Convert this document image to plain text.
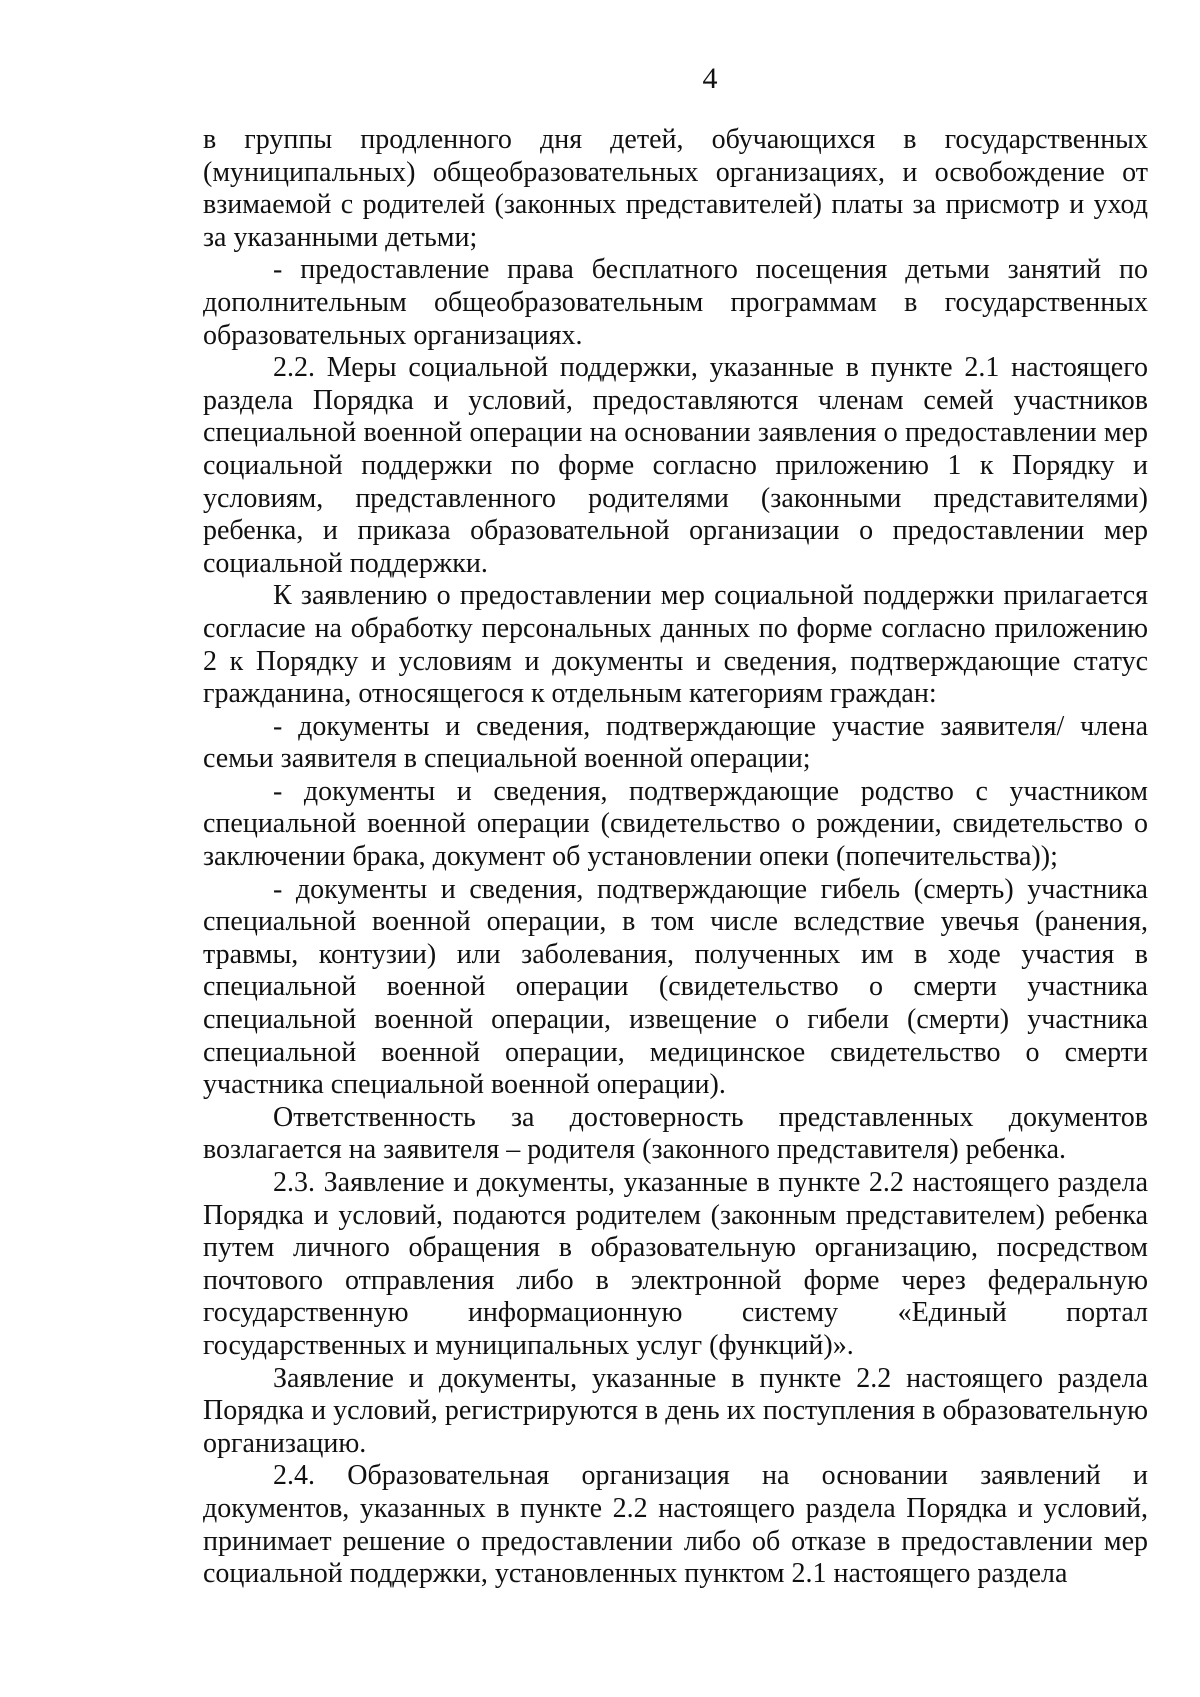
4

в группы продленного дня детей, обучающихся в государственных (муниципальных) общеобразовательных организациях, и освобождение от взимаемой с родителей (законных представителей) платы за присмотр и уход за указанными детьми;

- предоставление права бесплатного посещения детьми занятий по дополнительным общеобразовательным программам в государственных образовательных организациях.

2.2. Меры социальной поддержки, указанные в пункте 2.1 настоящего раздела Порядка и условий, предоставляются членам семей участников специальной военной операции на основании заявления о предоставлении мер социальной поддержки по форме согласно приложению 1 к Порядку и условиям, представленного родителями (законными представителями) ребенка, и приказа образовательной организации о предоставлении мер социальной поддержки.

К заявлению о предоставлении мер социальной поддержки прилагается согласие на обработку персональных данных по форме согласно приложению 2 к Порядку и условиям и документы и сведения, подтверждающие статус гражданина, относящегося к отдельным категориям граждан:

- документы и сведения, подтверждающие участие заявителя/ члена семьи заявителя в специальной военной операции;

- документы и сведения, подтверждающие родство с участником специальной военной операции (свидетельство о рождении, свидетельство о заключении брака, документ об установлении опеки (попечительства));

- документы и сведения, подтверждающие гибель (смерть) участника специальной военной операции, в том числе вследствие увечья (ранения, травмы, контузии) или заболевания, полученных им в ходе участия в специальной военной операции (свидетельство о смерти участника специальной военной операции, извещение о гибели (смерти) участника специальной военной операции, медицинское свидетельство о смерти участника специальной военной операции).

Ответственность за достоверность представленных документов возлагается на заявителя – родителя (законного представителя) ребенка.

2.3. Заявление и документы, указанные в пункте 2.2 настоящего раздела Порядка и условий, подаются родителем (законным представителем) ребенка путем личного обращения в образовательную организацию, посредством почтового отправления либо в электронной форме через федеральную государственную информационную систему «Единый портал государственных и муниципальных услуг (функций)».

Заявление и документы, указанные в пункте 2.2 настоящего раздела Порядка и условий, регистрируются в день их поступления в образовательную организацию.

2.4. Образовательная организация на основании заявлений и документов, указанных в пункте 2.2 настоящего раздела Порядка и условий, принимает решение о предоставлении либо об отказе в предоставлении мер социальной поддержки, установленных пунктом 2.1 настоящего раздела
